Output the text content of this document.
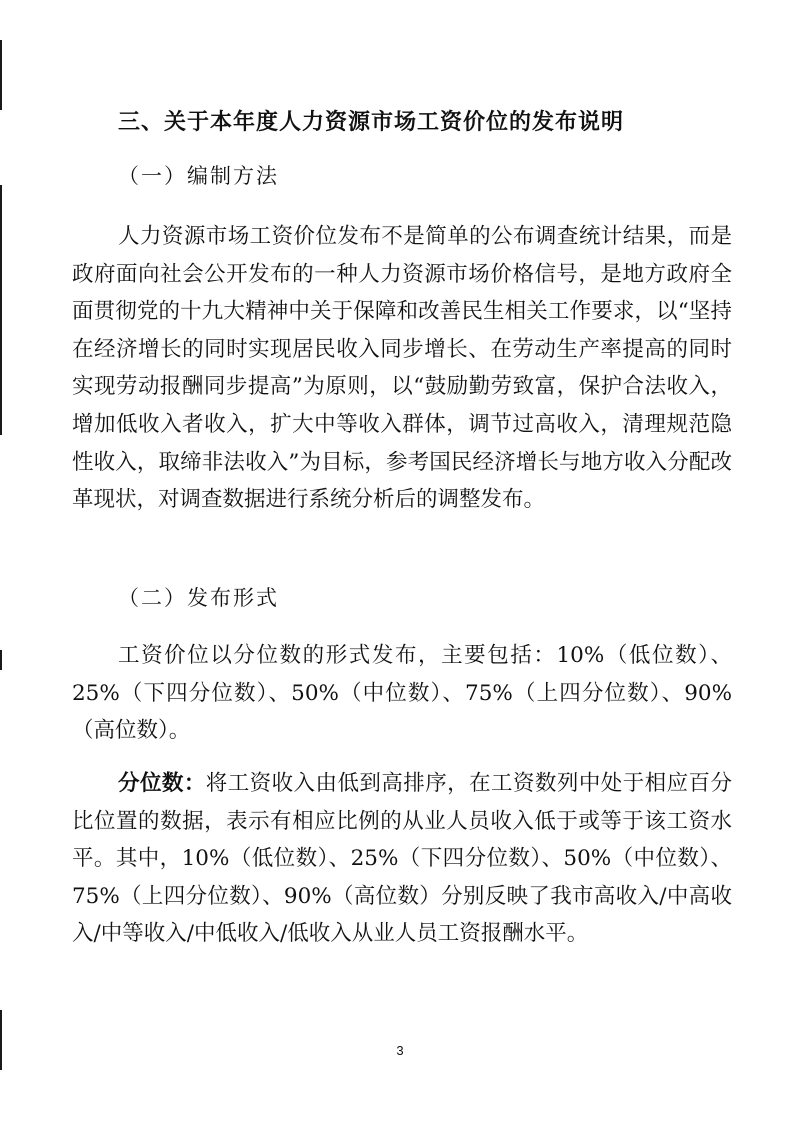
三、关于本年度人力资源市场工资价位的发布说明
（一）编制方法

人力资源市场工资价位发布不是简单的公布调查统计结果，而是政府面向社会公开发布的一种人力资源市场价格信号，是地方政府全面贯彻党的十九大精神中关于保障和改善民生相关工作要求，以“坚持在经济增长的同时实现居民收入同步增长、在劳动生产率提高的同时实现劳动报酬同步提高”为原则，以“鼓励勤劳致富，保护合法收入，增加低收入者收入，扩大中等收入群体，调节过高收入，清理规范隐性收入，取缔非法收入”为目标，参考国民经济增长与地方收入分配改革现状，对调查数据进行系统分析后的调整发布。

（二）发布形式

工资价位以分位数的形式发布，主要包括：10%（低位数）、25%（下四分位数）、50%（中位数）、75%（上四分位数）、90%（高位数）。

分位数：将工资收入由低到高排序，在工资数列中处于相应百分比位置的数据，表示有相应比例的从业人员收入低于或等于该工资水平。其中，10%（低位数）、25%（下四分位数）、50%（中位数）、75%（上四分位数）、90%（高位数）分别反映了我市高收入/中高收入/中等收入/中低收入/低收入从业人员工资报酬水平。

3
